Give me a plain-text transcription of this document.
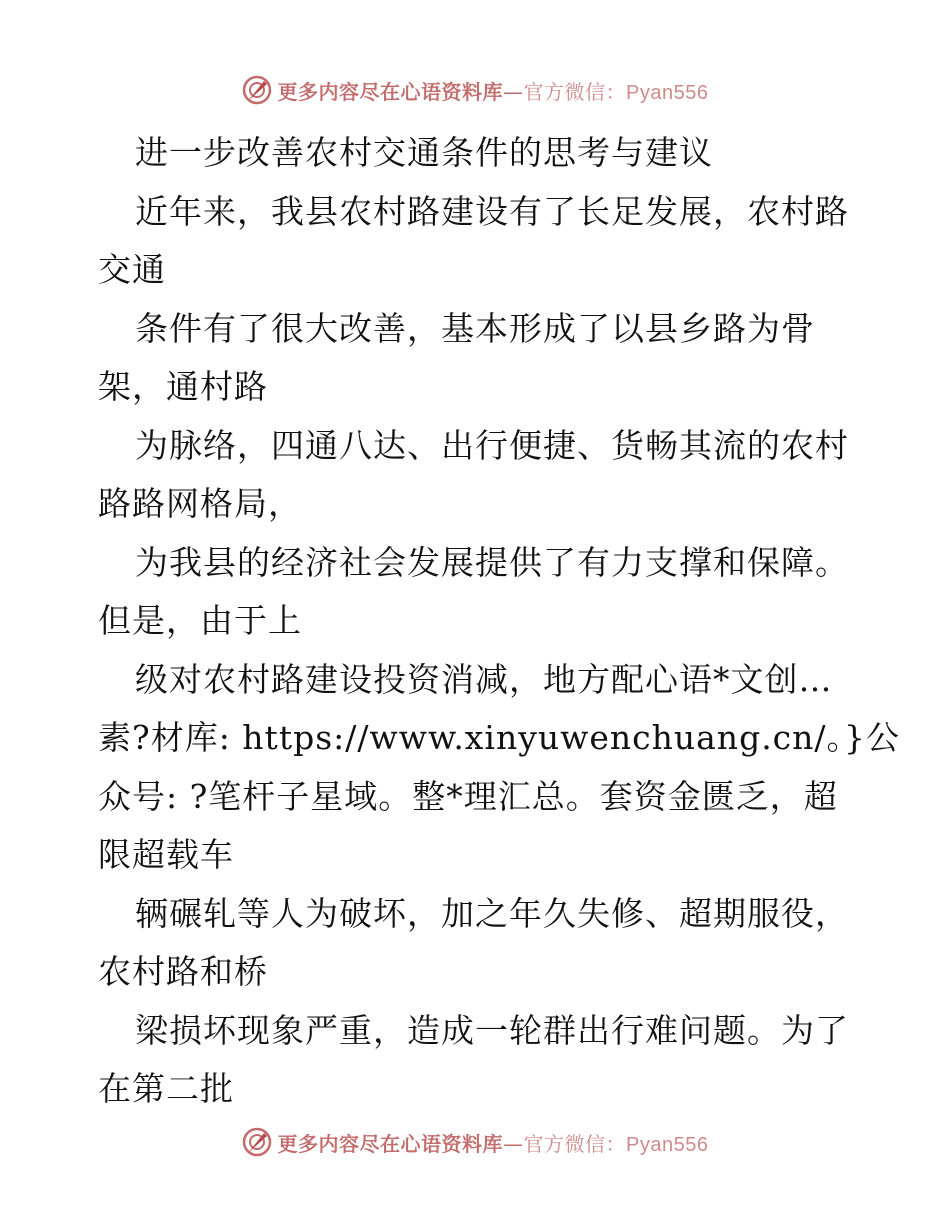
更多内容尽在心语资料库—官方微信：Pyan556
进一步改善农村交通条件的思考与建议
近年来，我县农村路建设有了长足发展，农村路
交通
条件有了很大改善，基本形成了以县乡路为骨
架，通村路
为脉络，四通八达、出行便捷、货畅其流的农村
路路网格局，
为我县的经济社会发展提供了有力支撑和保障。
但是，由于上
级对农村路建设投资消减，地方配心语*文创…
素?材库: https://www.xinyuwenchuang.cn/。}公
众号: ?笔杆子星域。整*理汇总。套资金匮乏，超
限超载车
辆碾轧等人为破坏，加之年久失修、超期服役，
农村路和桥
梁损坏现象严重，造成一轮群出行难问题。为了
在第二批
更多内容尽在心语资料库—官方微信：Pyan556
